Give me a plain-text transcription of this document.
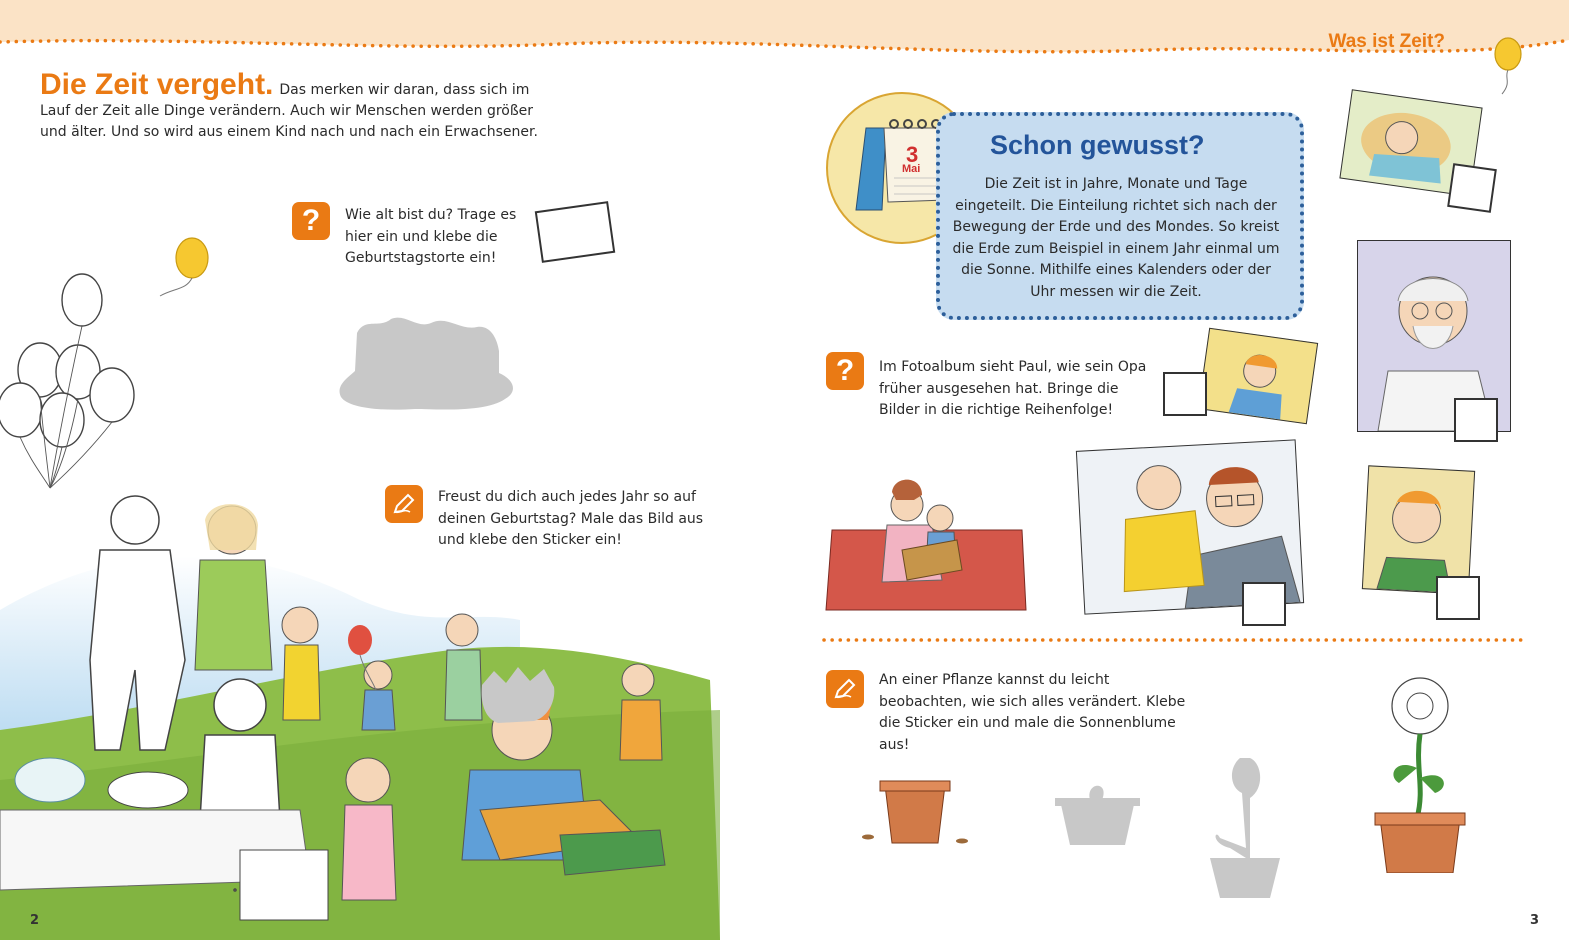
Was ist Zeit?
Die Zeit vergeht. Das merken wir daran, dass sich im Lauf der Zeit alle Dinge verändern. Auch wir Menschen werden größer und älter. Und so wird aus einem Kind nach und nach ein Erwachsener.
?	Wie alt bist du? Trage es hier ein und klebe die Geburtstagstorte ein!
Freust du dich auch jedes Jahr so auf deinen Geburtstag? Male das Bild aus und klebe den Sticker ein!
3
Mai
Schon gewusst?
Die Zeit ist in Jahre, Monate und Tage eingeteilt. Die Einteilung richtet sich nach der Bewegung der Erde und des Mondes. So kreist die Erde zum Beispiel in einem Jahr einmal um die Sonne. Mithilfe eines Kalenders oder der Uhr messen wir die Zeit.
?	Im Fotoalbum sieht Paul, wie sein Opa früher ausgesehen hat. Bringe die Bilder in die richtige Reihenfolge!
An einer Pflanze kannst du leicht beobachten, wie sich alles verändert. Klebe die Sticker ein und male die Sonnenblume aus!
2	3
